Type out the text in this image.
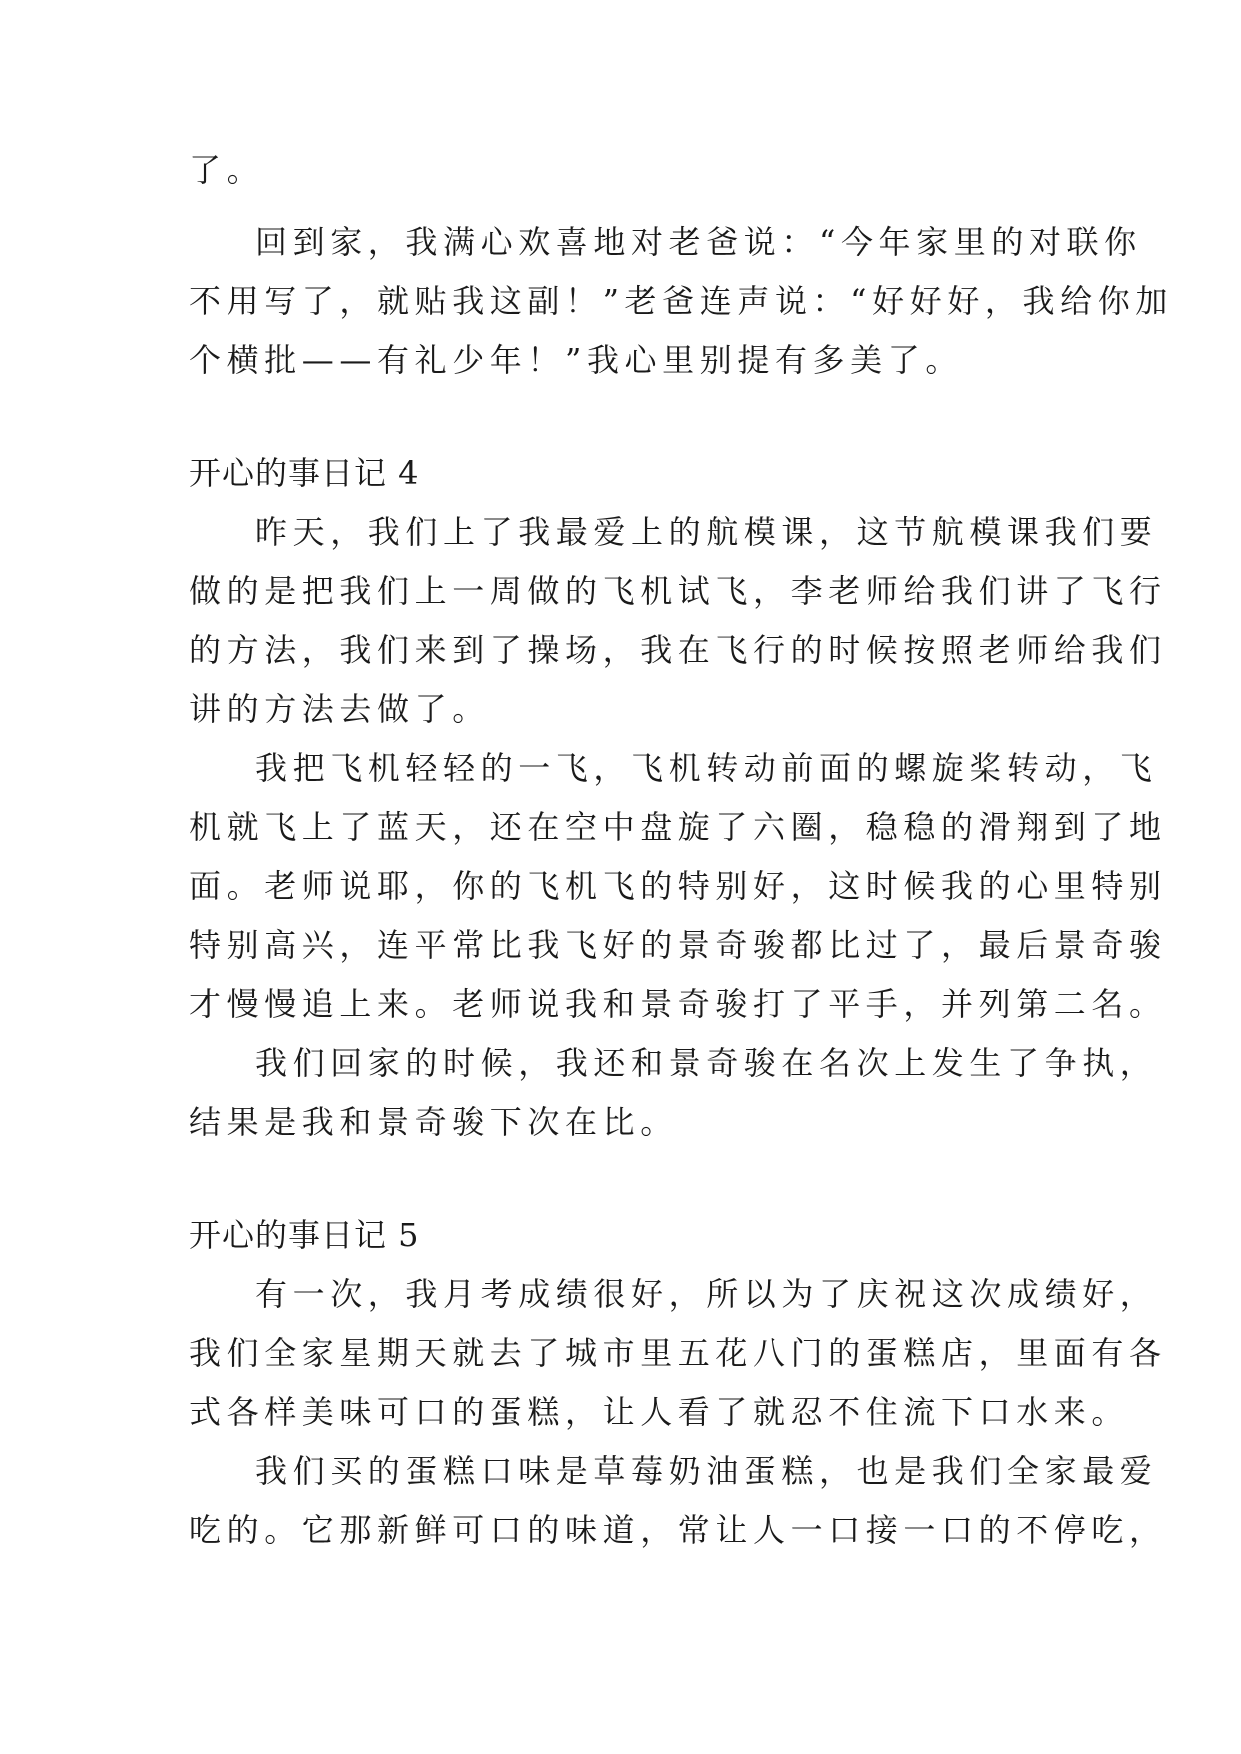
了。
回到家，我满心欢喜地对老爸说：“今年家里的对联你
不用写了，就贴我这副！”老爸连声说：“好好好，我给你加
个横批——有礼少年！”我心里别提有多美了。
开心的事日记 4
昨天，我们上了我最爱上的航模课，这节航模课我们要
做的是把我们上一周做的飞机试飞，李老师给我们讲了飞行
的方法，我们来到了操场，我在飞行的时候按照老师给我们
讲的方法去做了。
我把飞机轻轻的一飞，飞机转动前面的螺旋桨转动，飞
机就飞上了蓝天，还在空中盘旋了六圈，稳稳的滑翔到了地
面。老师说耶，你的飞机飞的特别好，这时候我的心里特别
特别高兴，连平常比我飞好的景奇骏都比过了，最后景奇骏
才慢慢追上来。老师说我和景奇骏打了平手，并列第二名。
我们回家的时候，我还和景奇骏在名次上发生了争执，
结果是我和景奇骏下次在比。
开心的事日记 5
有一次，我月考成绩很好，所以为了庆祝这次成绩好，
我们全家星期天就去了城市里五花八门的蛋糕店，里面有各
式各样美味可口的蛋糕，让人看了就忍不住流下口水来。
我们买的蛋糕口味是草莓奶油蛋糕，也是我们全家最爱
吃的。它那新鲜可口的味道，常让人一口接一口的不停吃，
